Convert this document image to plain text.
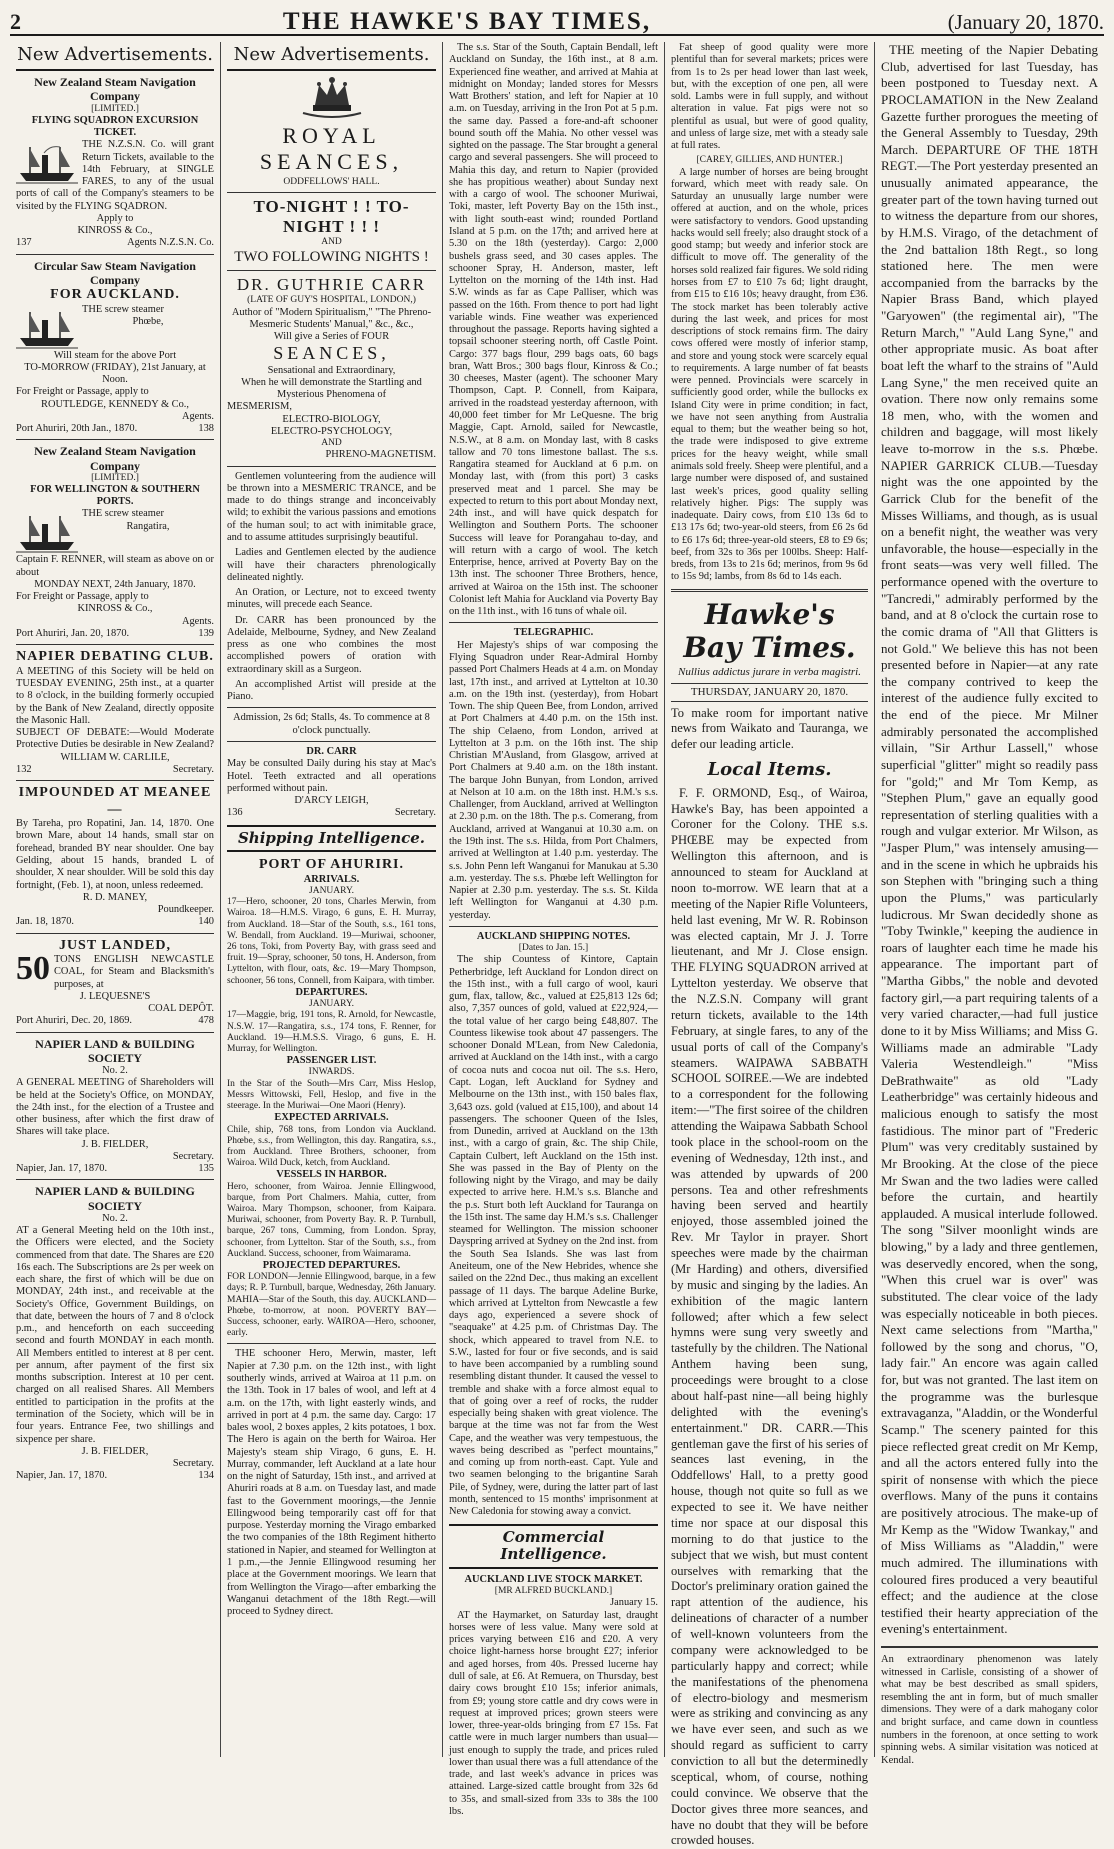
2	THE HAWKE'S BAY TIMES,	(January 20, 1870.
New Advertisements.
New Zealand Steam Navigation Company
[LIMITED.]
FLYING SQUADRON EXCURSION TICKET.
THE N.Z.S.N. Co. will grant Return Tickets, available to the 14th February, at SINGLE FARES, to any of the usual ports of call of the Company's steamers to be visited by the FLYING SQADRON.
Apply to
KINROSS & Co.,
137	Agents N.Z.S.N. Co.
Circular Saw Steam Navigation Company
FOR AUCKLAND.
THE screw steamer
Phœbe,
Will steam for the above Port
TO-MORROW (FRIDAY), 21st January, at Noon.
For Freight or Passage, apply to
ROUTLEDGE, KENNEDY & Co.,
Agents.
Port Ahuriri, 20th Jan., 1870.	138
New Zealand Steam Navigation Company
[LIMITED.]
FOR WELLINGTON & SOUTHERN PORTS.
THE screw steamer
Rangatira,
Captain F. RENNER, will steam as above on or about
MONDAY NEXT, 24th January, 1870.
For Freight or Passage, apply to
KINROSS & Co.,
Agents.
Port Ahuriri, Jan. 20, 1870.	139
NAPIER DEBATING CLUB.
A MEETING of this Society will be held on TUESDAY EVENING, 25th inst., at a quarter to 8 o'clock, in the building formerly occupied by the Bank of New Zealand, directly opposite the Masonic Hall.
SUBJECT OF DEBATE:—Would Moderate Protective Duties be desirable in New Zealand?
WILLIAM W. CARLILE,
132	Secretary.
IMPOUNDED AT MEANEE—
By Tareha, pro Ropatini, Jan. 14, 1870. One brown Mare, about 14 hands, small star on forehead, branded BY near shoulder. One bay Gelding, about 15 hands, branded L of shoulder, X near shoulder. Will be sold this day fortnight, (Feb. 1), at noon, unless redeemed.
R. D. MANEY,
Poundkeeper.
Jan. 18, 1870.	140
JUST LANDED,
50 TONS ENGLISH NEWCASTLE COAL, for Steam and Blacksmith's purposes, at
J. LEQUESNE'S
COAL DEPÔT.
Port Ahuriri, Dec. 20, 1869.	478
NAPIER LAND & BUILDING SOCIETY
No. 2.
A GENERAL MEETING of Shareholders will be held at the Society's Office, on MONDAY, the 24th inst., for the election of a Trustee and other business, after which the first draw of Shares will take place.
J. B. FIELDER,
Secretary.
Napier, Jan. 17, 1870.	135
NAPIER LAND & BUILDING SOCIETY
No. 2.
AT a General Meeting held on the 10th inst., the Officers were elected, and the Society commenced from that date. The Shares are £20 16s each. The Subscriptions are 2s per week on each share, the first of which will be due on MONDAY, 24th inst., and receivable at the Society's Office, Government Buildings, on that date, between the hours of 7 and 8 o'clock p.m., and henceforth on each succeeding second and fourth MONDAY in each month. All Members entitled to interest at 8 per cent. per annum, after payment of the first six months subscription. Interest at 10 per cent. charged on all realised Shares. All Members entitled to participation in the profits at the termination of the Society, which will be in four years. Entrance Fee, two shillings and sixpence per share.
J. B. FIELDER,
Secretary.
Napier, Jan. 17, 1870.	134
New Advertisements.
ROYAL SEANCES,
ODDFELLOWS' HALL.
TO-NIGHT ! ! TO-NIGHT ! ! !
AND
TWO FOLLOWING NIGHTS !
DR. GUTHRIE CARR
(LATE OF GUY'S HOSPITAL, LONDON,)
Author of "Modern Spiritualism," "The Phreno-Mesmeric Students' Manual," &c., &c.,
Will give a Series of FOUR
SEANCES,
Sensational and Extraordinary,
When he will demonstrate the Startling and Mysterious Phenomena of
MESMERISM,
ELECTRO-BIOLOGY,
ELECTRO-PSYCHOLOGY,
AND
PHRENO-MAGNETISM.

Gentlemen volunteering from the audience will be thrown into a MESMERIC TRANCE, and be made to do things strange and inconceivably wild; to exhibit the various passions and emotions of the human soul; to act with inimitable grace, and to assume attitudes surprisingly beautiful.

Ladies and Gentlemen elected by the audience will have their characters phrenologically delineated nightly.

An Oration, or Lecture, not to exceed twenty minutes, will precede each Seance.

Dr. CARR has been pronounced by the Adelaide, Melbourne, Sydney, and New Zealand press as one who combines the most accomplished powers of oration with extraordinary skill as a Surgeon.

An accomplished Artist will preside at the Piano.

Admission, 2s 6d; Stalls, 4s. To commence at 8 o'clock punctually.
DR. CARR
May be consulted Daily during his stay at Mac's Hotel. Teeth extracted and all operations performed without pain.
D'ARCY LEIGH,
136	Secretary.
Shipping Intelligence.
PORT OF AHURIRI.
ARRIVALS.
JANUARY.
17—Hero, schooner, 20 tons, Charles Merwin, from Wairoa. 18—H.M.S. Virago, 6 guns, E. H. Murray, from Auckland. 18—Star of the South, s.s., 161 tons, W. Bendall, from Auckland. 19—Muriwai, schooner, 26 tons, Toki, from Poverty Bay, with grass seed and fruit. 19—Spray, schooner, 50 tons, H. Anderson, from Lyttelton, with flour, oats, &c. 19—Mary Thompson, schooner, 56 tons, Connell, from Kaipara, with timber.
DEPARTURES.
JANUARY.
17—Maggie, brig, 191 tons, R. Arnold, for Newcastle, N.S.W. 17—Rangatira, s.s., 174 tons, F. Renner, for Auckland. 19—H.M.S.S. Virago, 6 guns, E. H. Murray, for Wellington.
PASSENGER LIST.
INWARDS.
In the Star of the South—Mrs Carr, Miss Heslop, Messrs Wittowski, Fell, Heslop, and five in the steerage. In the Muriwai—One Maori (Henry).
EXPECTED ARRIVALS.
Chile, ship, 768 tons, from London via Auckland. Phœbe, s.s., from Wellington, this day. Rangatira, s.s., from Auckland. Three Brothers, schooner, from Wairoa. Wild Duck, ketch, from Auckland.
VESSELS IN HARBOR.
Hero, schooner, from Wairoa. Jennie Ellingwood, barque, from Port Chalmers. Mahia, cutter, from Wairoa. Mary Thompson, schooner, from Kaipara. Muriwai, schooner, from Poverty Bay. R. P. Turnbull, barque, 267 tons, Cumming, from London. Spray, schooner, from Lyttelton. Star of the South, s.s., from Auckland. Success, schooner, from Waimarama.
PROJECTED DEPARTURES.
FOR LONDON—Jennie Ellingwood, barque, in a few days; R. P. Turnbull, barque, Wednesday, 26th January. MAHIA—Star of the South, this day. AUCKLAND—Phœbe, to-morrow, at noon. POVERTY BAY—Success, schooner, early. WAIROA—Hero, schooner, early.

THE schooner Hero, Merwin, master, left Napier at 7.30 p.m. on the 12th inst., with light southerly winds, arrived at Wairoa at 11 p.m. on the 13th. Took in 17 bales of wool, and left at 4 a.m. on the 17th, with light easterly winds, and arrived in port at 4 p.m. the same day. Cargo: 17 bales wool, 2 boxes apples, 2 kits potatoes, 1 box. The Hero is again on the berth for Wairoa. Her Majesty's steam ship Virago, 6 guns, E. H. Murray, commander, left Auckland at a late hour on the night of Saturday, 15th inst., and arrived at Ahuriri roads at 8 a.m. on Tuesday last, and made fast to the Government moorings,—the Jennie Ellingwood being temporarily cast off for that purpose. Yesterday morning the Virago embarked the two companies of the 18th Regiment hitherto stationed in Napier, and steamed for Wellington at 1 p.m.,—the Jennie Ellingwood resuming her place at the Government moorings. We learn that from Wellington the Virago—after embarking the Wanganui detachment of the 18th Regt.—will proceed to Sydney direct.

The s.s. Star of the South, Captain Bendall, left Auckland on Sunday, the 16th inst., at 8 a.m. Experienced fine weather, and arrived at Mahia at midnight on Monday; landed stores for Messrs Watt Brothers' station, and left for Napier at 10 a.m. on Tuesday, arriving in the Iron Pot at 5 p.m. the same day. Passed a fore-and-aft schooner bound south off the Mahia. No other vessel was sighted on the passage. The Star brought a general cargo and several passengers. She will proceed to Mahia this day, and return to Napier (provided she has propitious weather) about Sunday next with a cargo of wool. The schooner Muriwai, Toki, master, left Poverty Bay on the 15th inst., with light south-east wind; rounded Portland Island at 5 p.m. on the 17th; and arrived here at 5.30 on the 18th (yesterday). Cargo: 2,000 bushels grass seed, and 30 cases apples. The schooner Spray, H. Anderson, master, left Lyttelton on the morning of the 14th inst. Had S.W. winds as far as Cape Palliser, which was passed on the 16th. From thence to port had light variable winds. Fine weather was experienced throughout the passage. Reports having sighted a topsail schooner steering north, off Castle Point. Cargo: 377 bags flour, 299 bags oats, 60 bags bran, Watt Bros.; 300 bags flour, Kinross & Co.; 30 cheeses, Master (agent). The schooner Mary Thompson, Capt. P. Connell, from Kaipara, arrived in the roadstead yesterday afternoon, with 40,000 feet timber for Mr LeQuesne. The brig Maggie, Capt. Arnold, sailed for Newcastle, N.S.W., at 8 a.m. on Monday last, with 8 casks tallow and 70 tons limestone ballast. The s.s. Rangatira steamed for Auckland at 6 p.m. on Monday last, with (from this port) 3 casks preserved meat and 1 parcel. She may be expected to return to this port about Monday next, 24th inst., and will have quick despatch for Wellington and Southern Ports. The schooner Success will leave for Porangahau to-day, and will return with a cargo of wool. The ketch Enterprise, hence, arrived at Poverty Bay on the 13th inst. The schooner Three Brothers, hence, arrived at Wairoa on the 15th inst. The schooner Colonist left Mahia for Auckland via Poverty Bay on the 11th inst., with 16 tuns of whale oil.

TELEGRAPHIC.

Her Majesty's ships of war composing the Flying Squadron under Rear-Admiral Hornby passed Port Chalmers Heads at 4 a.m. on Monday last, 17th inst., and arrived at Lyttelton at 10.30 a.m. on the 19th inst. (yesterday), from Hobart Town. The ship Queen Bee, from London, arrived at Port Chalmers at 4.40 p.m. on the 15th inst. The ship Celaeno, from London, arrived at Lyttelton at 3 p.m. on the 16th inst. The ship Christian M'Ausland, from Glasgow, arrived at Port Chalmers at 9.40 a.m. on the 18th instant. The barque John Bunyan, from London, arrived at Nelson at 10 a.m. on the 18th inst. H.M.'s s.s. Challenger, from Auckland, arrived at Wellington at 2.30 p.m. on the 18th. The p.s. Comerang, from Auckland, arrived at Wanganui at 10.30 a.m. on the 19th inst. The s.s. Hilda, from Port Chalmers, arrived at Wellington at 1.40 p.m. yesterday. The s.s. John Penn left Wanganui for Manukau at 5.30 a.m. yesterday. The s.s. Phœbe left Wellington for Napier at 2.30 p.m. yesterday. The s.s. St. Kilda left Wellington for Wanganui at 4.30 p.m. yesterday.

AUCKLAND SHIPPING NOTES.
[Dates to Jan. 15.]

The ship Countess of Kintore, Captain Petherbridge, left Auckland for London direct on the 15th inst., with a full cargo of wool, kauri gum, flax, tallow, &c., valued at £25,813 12s 6d; also, 7,357 ounces of gold, valued at £22,924,—the total value of her cargo being £48,807. The Countess likewise took about 47 passengers. The schooner Donald M'Lean, from New Caledonia, arrived at Auckland on the 14th inst., with a cargo of cocoa nuts and cocoa nut oil. The s.s. Hero, Capt. Logan, left Auckland for Sydney and Melbourne on the 13th inst., with 150 bales flax, 3,643 ozs. gold (valued at £15,100), and about 14 passengers. The schooner Queen of the Isles, from Dunedin, arrived at Auckland on the 13th inst., with a cargo of grain, &c. The ship Chile, Captain Culbert, left Auckland on the 15th inst. She was passed in the Bay of Plenty on the following night by the Virago, and may be daily expected to arrive here. H.M.'s s.s. Blanche and the p.s. Sturt both left Auckland for Tauranga on the 15th inst. The same day H.M.'s s.s. Challenger steamed for Wellington. The mission schooner Dayspring arrived at Sydney on the 2nd inst. from the South Sea Islands. She was last from Aneiteum, one of the New Hebrides, whence she sailed on the 22nd Dec., thus making an excellent passage of 11 days. The barque Adeline Burke, which arrived at Lyttelton from Newcastle a few days ago, experienced a severe shock of "seaquake" at 4.25 p.m. of Christmas Day. The shock, which appeared to travel from N.E. to S.W., lasted for four or five seconds, and is said to have been accompanied by a rumbling sound resembling distant thunder. It caused the vessel to tremble and shake with a force almost equal to that of going over a reef of rocks, the rudder especially being shaken with great violence. The barque at the time was not far from the West Cape, and the weather was very tempestuous, the waves being described as "perfect mountains," and coming up from north-east. Capt. Yule and two seamen belonging to the brigantine Sarah Pile, of Sydney, were, during the latter part of last month, sentenced to 15 months' imprisonment at New Caledonia for stowing away a convict.

Commercial Intelligence.
AUCKLAND LIVE STOCK MARKET.
[MR ALFRED BUCKLAND.]
January 15.

AT the Haymarket, on Saturday last, draught horses were of less value. Many were sold at prices varying between £16 and £20. A very choice light-harness horse brought £27; inferior and aged horses, from 40s. Pressed lucerne hay dull of sale, at £6. At Remuera, on Thursday, best dairy cows brought £10 15s; inferior animals, from £9; young store cattle and dry cows were in request at improved prices; grown steers were lower, three-year-olds bringing from £7 15s. Fat cattle were in much larger numbers than usual—just enough to supply the trade, and prices ruled lower than usual there was a full attendance of the trade, and last week's advance in prices was attained. Large-sized cattle brought from 32s 6d to 35s, and small-sized from 33s to 38s the 100 lbs.

Fat sheep of good quality were more plentiful than for several markets; prices were from 1s to 2s per head lower than last week, but, with the exception of one pen, all were sold. Lambs were in full supply, and without alteration in value. Fat pigs were not so plentiful as usual, but were of good quality, and unless of large size, met with a steady sale at full rates.

[CAREY, GILLIES, AND HUNTER.]

A large number of horses are being brought forward, which meet with ready sale. On Saturday an unusually large number were offered at auction, and on the whole, prices were satisfactory to vendors. Good upstanding hacks would sell freely; also draught stock of a good stamp; but weedy and inferior stock are difficult to move off. The generality of the horses sold realized fair figures. We sold riding horses from £7 to £10 7s 6d; light draught, from £15 to £16 10s; heavy draught, from £36. The stock market has been tolerably active during the last week, and prices for most descriptions of stock remains firm. The dairy cows offered were mostly of inferior stamp, and store and young stock were scarcely equal to requirements. A large number of fat beasts were penned. Provincials were scarcely in sufficiently good order, while the bullocks ex Island City were in prime condition; in fact, we have not seen anything from Australia equal to them; but the weather being so hot, the trade were indisposed to give extreme prices for the heavy weight, while small animals sold freely. Sheep were plentiful, and a large number were disposed of, and sustained last week's prices, good quality selling relatively higher. Pigs: The supply was inadequate. Dairy cows, from £10 13s 6d to £13 17s 6d; two-year-old steers, from £6 2s 6d to £6 17s 6d; three-year-old steers, £8 to £9 6s; beef, from 32s to 36s per 100lbs. Sheep: Half-breds, from 13s to 21s 6d; merinos, from 9s 6d to 15s 9d; lambs, from 8s 6d to 14s each.

Hawke's Bay Times.
Nullius addictus jurare in verba magistri.
THURSDAY, JANUARY 20, 1870.
To make room for important native news from Waikato and Tauranga, we defer our leading article.
Local Items.

F. F. ORMOND, Esq., of Wairoa, Hawke's Bay, has been appointed a Coroner for the Colony. THE s.s. PHŒBE may be expected from Wellington this afternoon, and is announced to steam for Auckland at noon to-morrow. WE learn that at a meeting of the Napier Rifle Volunteers, held last evening, Mr W. R. Robinson was elected captain, Mr J. J. Torre lieutenant, and Mr J. Close ensign. THE FLYING SQUADRON arrived at Lyttelton yesterday. We observe that the N.Z.S.N. Company will grant return tickets, available to the 14th February, at single fares, to any of the usual ports of call of the Company's steamers. WAIPAWA SABBATH SCHOOL SOIREE.—We are indebted to a correspondent for the following item:—"The first soiree of the children attending the Waipawa Sabbath School took place in the school-room on the evening of Wednesday, 12th inst., and was attended by upwards of 200 persons. Tea and other refreshments having been served and heartily enjoyed, those assembled joined the Rev. Mr Taylor in prayer. Short speeches were made by the chairman (Mr Harding) and others, diversified by music and singing by the ladies. An exhibition of the magic lantern followed; after which a few select hymns were sung very sweetly and tastefully by the children. The National Anthem having been sung, proceedings were brought to a close about half-past nine—all being highly delighted with the evening's entertainment." DR. CARR.—This gentleman gave the first of his series of seances last evening, in the Oddfellows' Hall, to a pretty good house, though not quite so full as we expected to see it. We have neither time nor space at our disposal this morning to do that justice to the subject that we wish, but must content ourselves with remarking that the Doctor's preliminary oration gained the rapt attention of the audience, his delineations of character of a number of well-known volunteers from the company were acknowledged to be particularly happy and correct; while the manifestations of the phenomena of electro-biology and mesmerism were as striking and convincing as any we have ever seen, and such as we should regard as sufficient to carry conviction to all but the determinedly sceptical, whom, of course, nothing could convince. We observe that the Doctor gives three more seances, and have no doubt that they will be before crowded houses.

THE meeting of the Napier Debating Club, advertised for last Tuesday, has been postponed to Tuesday next. A PROCLAMATION in the New Zealand Gazette further prorogues the meeting of the General Assembly to Tuesday, 29th March. DEPARTURE OF THE 18TH REGT.—The Port yesterday presented an unusually animated appearance, the greater part of the town having turned out to witness the departure from our shores, by H.M.S. Virago, of the detachment of the 2nd battalion 18th Regt., so long stationed here. The men were accompanied from the barracks by the Napier Brass Band, which played "Garyowen" (the regimental air), "The Return March," "Auld Lang Syne," and other appropriate music. As boat after boat left the wharf to the strains of "Auld Lang Syne," the men received quite an ovation. There now only remains some 18 men, who, with the women and children and baggage, will most likely leave to-morrow in the s.s. Phœbe. NAPIER GARRICK CLUB.—Tuesday night was the one appointed by the Garrick Club for the benefit of the Misses Williams, and though, as is usual on a benefit night, the weather was very unfavorable, the house—especially in the front seats—was very well filled. The performance opened with the overture to "Tancredi," admirably performed by the band, and at 8 o'clock the curtain rose to the comic drama of "All that Glitters is not Gold." We believe this has not been presented before in Napier—at any rate the company contrived to keep the interest of the audience fully excited to the end of the piece. Mr Milner admirably personated the accomplished villain, "Sir Arthur Lassell," whose superficial "glitter" might so readily pass for "gold;" and Mr Tom Kemp, as "Stephen Plum," gave an equally good representation of sterling qualities with a rough and vulgar exterior. Mr Wilson, as "Jasper Plum," was intensely amusing—and in the scene in which he upbraids his son Stephen with "bringing such a thing upon the Plums," was particularly ludicrous. Mr Swan decidedly shone as "Toby Twinkle," keeping the audience in roars of laughter each time he made his appearance. The important part of "Martha Gibbs," the noble and devoted factory girl,—a part requiring talents of a very varied character,—had full justice done to it by Miss Williams; and Miss G. Williams made an admirable "Lady Valeria Westendleigh." "Miss DeBrathwaite" as old "Lady Leatherbridge" was certainly hideous and malicious enough to satisfy the most fastidious. The minor part of "Frederic Plum" was very creditably sustained by Mr Brooking. At the close of the piece Mr Swan and the two ladies were called before the curtain, and heartily applauded. A musical interlude followed. The song "Silver moonlight winds are blowing," by a lady and three gentlemen, was deservedly encored, when the song, "When this cruel war is over" was substituted. The clear voice of the lady was especially noticeable in both pieces. Next came selections from "Martha," followed by the song and chorus, "O, lady fair." An encore was again called for, but was not granted. The last item on the programme was the burlesque extravaganza, "Aladdin, or the Wonderful Scamp." The scenery painted for this piece reflected great credit on Mr Kemp, and all the actors entered fully into the spirit of nonsense with which the piece overflows. Many of the puns it contains are positively atrocious. The make-up of Mr Kemp as the "Widow Twankay," and of Miss Williams as "Aladdin," were much admired. The illuminations with coloured fires produced a very beautiful effect; and the audience at the close testified their hearty appreciation of the evening's entertainment.

An extraordinary phenomenon was lately witnessed in Carlisle, consisting of a shower of what may be best described as small spiders, resembling the ant in form, but of much smaller dimensions. They were of a dark mahogany color and bright surface, and came down in countless numbers in the forenoon, at once setting to work spinning webs. A similar visitation was noticed at Kendal.
